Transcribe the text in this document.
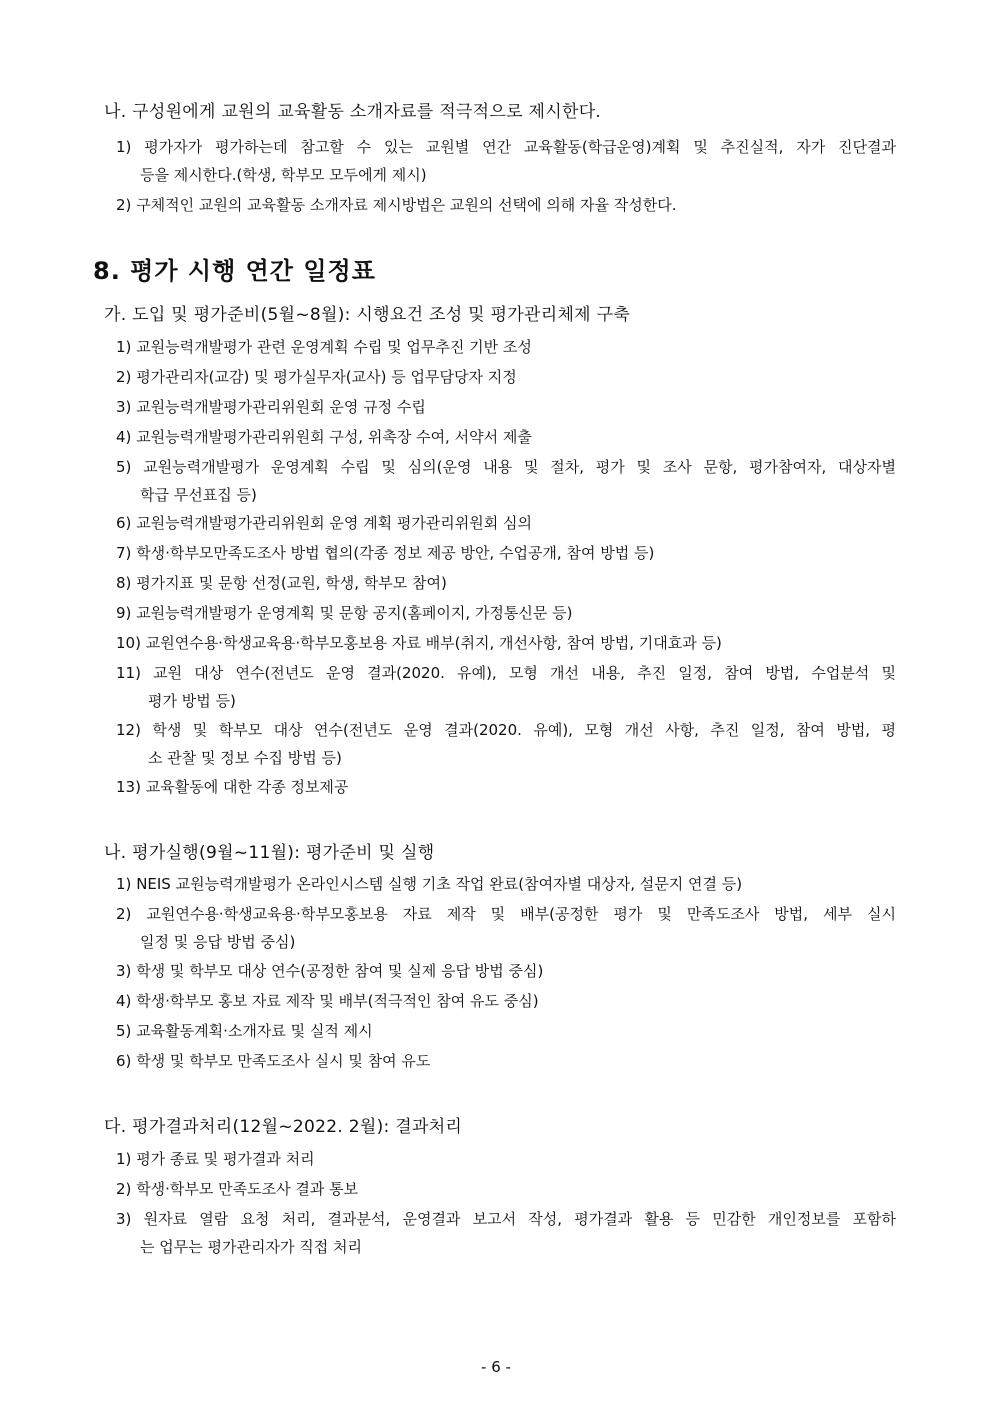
나. 구성원에게 교원의 교육활동 소개자료를 적극적으로 제시한다.
1) 평가자가 평가하는데 참고할 수 있는 교원별 연간 교육활동(학급운영)계획 및 추진실적, 자가 진단결과
등을 제시한다.(학생, 학부모 모두에게 제시)
2) 구체적인 교원의 교육활동 소개자료 제시방법은 교원의 선택에 의해 자율 작성한다.
8. 평가 시행 연간 일정표
가. 도입 및 평가준비(5월~8월): 시행요건 조성 및 평가관리체제 구축
1) 교원능력개발평가 관련 운영계획 수립 및 업무추진 기반 조성
2) 평가관리자(교감) 및 평가실무자(교사) 등 업무담당자 지정
3) 교원능력개발평가관리위원회 운영 규정 수립
4) 교원능력개발평가관리위원회 구성, 위촉장 수여, 서약서 제출
5) 교원능력개발평가 운영계획 수립 및 심의(운영 내용 및 절차, 평가 및 조사 문항, 평가참여자, 대상자별
학급 무선표집 등)
6) 교원능력개발평가관리위원회 운영 계획 평가관리위원회 심의
7) 학생·학부모만족도조사 방법 협의(각종 정보 제공 방안, 수업공개, 참여 방법 등)
8) 평가지표 및 문항 선정(교원, 학생, 학부모 참여)
9) 교원능력개발평가 운영계획 및 문항 공지(홈페이지, 가정통신문 등)
10) 교원연수용·학생교육용·학부모홍보용 자료 배부(취지, 개선사항, 참여 방법, 기대효과 등)
11) 교원 대상 연수(전년도 운영 결과(2020. 유예), 모형 개선 내용, 추진 일정, 참여 방법, 수업분석 및
평가 방법 등)
12) 학생 및 학부모 대상 연수(전년도 운영 결과(2020. 유예), 모형 개선 사항, 추진 일정, 참여 방법, 평
소 관찰 및 정보 수집 방법 등)
13) 교육활동에 대한 각종 정보제공
나. 평가실행(9월~11월): 평가준비 및 실행
1) NEIS 교원능력개발평가 온라인시스템 실행 기초 작업 완료(참여자별 대상자, 설문지 연결 등)
2) 교원연수용·학생교육용·학부모홍보용 자료 제작 및 배부(공정한 평가 및 만족도조사 방법, 세부 실시
일정 및 응답 방법 중심)
3) 학생 및 학부모 대상 연수(공정한 참여 및 실제 응답 방법 중심)
4) 학생·학부모 홍보 자료 제작 및 배부(적극적인 참여 유도 중심)
5) 교육활동계획·소개자료 및 실적 제시
6) 학생 및 학부모 만족도조사 실시 및 참여 유도
다. 평가결과처리(12월~2022. 2월): 결과처리
1) 평가 종료 및 평가결과 처리
2) 학생·학부모 만족도조사 결과 통보
3) 원자료 열람 요청 처리, 결과분석, 운영결과 보고서 작성, 평가결과 활용 등 민감한 개인정보를 포함하
는 업무는 평가관리자가 직접 처리
- 6 -
